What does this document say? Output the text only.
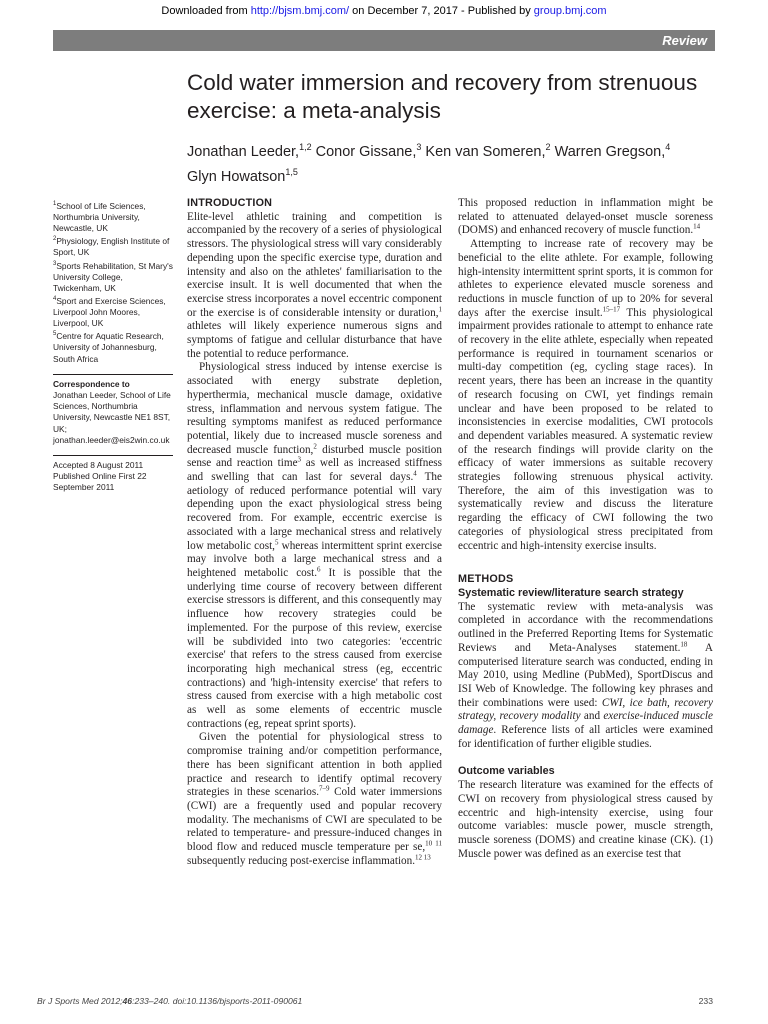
Downloaded from http://bjsm.bmj.com/ on December 7, 2017 - Published by group.bmj.com
Review
Cold water immersion and recovery from strenuous exercise: a meta-analysis
Jonathan Leeder,$^{1,2}$ Conor Gissane,$^3$ Ken van Someren,$^2$ Warren Gregson,$^4$
Glyn Howatson$^{1,5}$

$^1$School of Life Sciences, Northumbria University, Newcastle, UK

$^2$Physiology, English Institute of Sport, UK

$^3$Sports Rehabilitation, St Mary's University College, Twickenham, UK

$^4$Sport and Exercise Sciences, Liverpool John Moores, Liverpool, UK

$^5$Centre for Aquatic Research, University of Johannesburg, South Africa

Correspondence to

Jonathan Leeder, School of Life Sciences, Northumbria University, Newcastle NE1 8ST, UK; jonathan.leeder@eis2win.co.uk

Accepted 8 August 2011

Published Online First 22 September 2011

INTRODUCTION

Elite-level athletic training and competition is accompanied by the recovery of a series of physiological stressors. The physiological stress will vary considerably depending upon the specific exercise type, duration and intensity and also on the athletes' familiarisation to the exercise insult. It is well documented that when the exercise stress incorporates a novel eccentric component or the exercise is of considerable intensity or duration,$^1$ athletes will likely experience numerous signs and symptoms of fatigue and cellular disturbance that have the potential to reduce performance.

Physiological stress induced by intense exercise is associated with energy substrate depletion, hyperthermia, mechanical muscle damage, oxidative stress, inflammation and nervous system fatigue. The resulting symptoms manifest as reduced performance potential, likely due to increased muscle soreness and decreased muscle function,$^2$ disturbed muscle position sense and reaction time$^3$ as well as increased stiffness and swelling that can last for several days.$^4$ The aetiology of reduced performance potential will vary depending upon the exact physiological stress being recovered from. For example, eccentric exercise is associated with a large mechanical stress and relatively low metabolic cost,$^5$ whereas intermittent sprint exercise may involve both a large mechanical stress and a heightened metabolic cost.$^6$ It is possible that the underlying time course of recovery between different exercise stressors is different, and this consequently may influence how recovery strategies could be implemented. For the purpose of this review, exercise will be subdivided into two categories: 'eccentric exercise' that refers to the stress caused from exercise incorporating high mechanical stress (eg, eccentric contractions) and 'high-intensity exercise' that refers to stress caused from exercise with a high metabolic cost as well as some elements of eccentric muscle contractions (eg, repeat sprint sports).

Given the potential for physiological stress to compromise training and/or competition performance, there has been significant attention in both applied practice and research to identify optimal recovery strategies in these scenarios.$^{7-9}$ Cold water immersions (CWI) are a frequently used and popular recovery modality. The mechanisms of CWI are speculated to be related to temperature- and pressure-induced changes in blood flow and reduced muscle temperature per se,$^{10 11}$ subsequently reducing post-exercise inflammation.$^{12 13}$

This proposed reduction in inflammation might be related to attenuated delayed-onset muscle soreness (DOMS) and enhanced recovery of muscle function.$^{14}$

Attempting to increase rate of recovery may be beneficial to the elite athlete. For example, following high-intensity intermittent sprint sports, it is common for athletes to experience elevated muscle soreness and reductions in muscle function of up to 20% for several days after the exercise insult.$^{15-17}$ This physiological impairment provides rationale to attempt to enhance rate of recovery in the elite athlete, especially when repeated performance is required in tournament scenarios or multi-day competition (eg, cycling stage races). In recent years, there has been an increase in the quantity of research focusing on CWI, yet findings remain unclear and have been proposed to be related to inconsistencies in exercise modalities, CWI protocols and dependent variables measured. A systematic review of the research findings will provide clarity on the efficacy of water immersions as suitable recovery strategies following strenuous physical activity. Therefore, the aim of this investigation was to systematically review and discuss the literature regarding the efficacy of CWI following the two categories of physiological stress precipitated from eccentric and high-intensity exercise insults.

METHODS
Systematic review/literature search strategy

The systematic review with meta-analysis was completed in accordance with the recommendations outlined in the Preferred Reporting Items for Systematic Reviews and Meta-Analyses statement.$^{18}$ A computerised literature search was conducted, ending in May 2010, using Medline (PubMed), SportDiscus and ISI Web of Knowledge. The following key phrases and their combinations were used: CWI, ice bath, recovery strategy, recovery modality and exercise-induced muscle damage. Reference lists of all articles were examined for identification of further eligible studies.

Outcome variables

The research literature was examined for the effects of CWI on recovery from physiological stress caused by eccentric and high-intensity exercise, using four outcome variables: muscle power, muscle strength, muscle soreness (DOMS) and creatine kinase (CK). (1) Muscle power was defined as an exercise test that

Br J Sports Med 2012;46:233–240. doi:10.1136/bjsports-2011-090061	233
